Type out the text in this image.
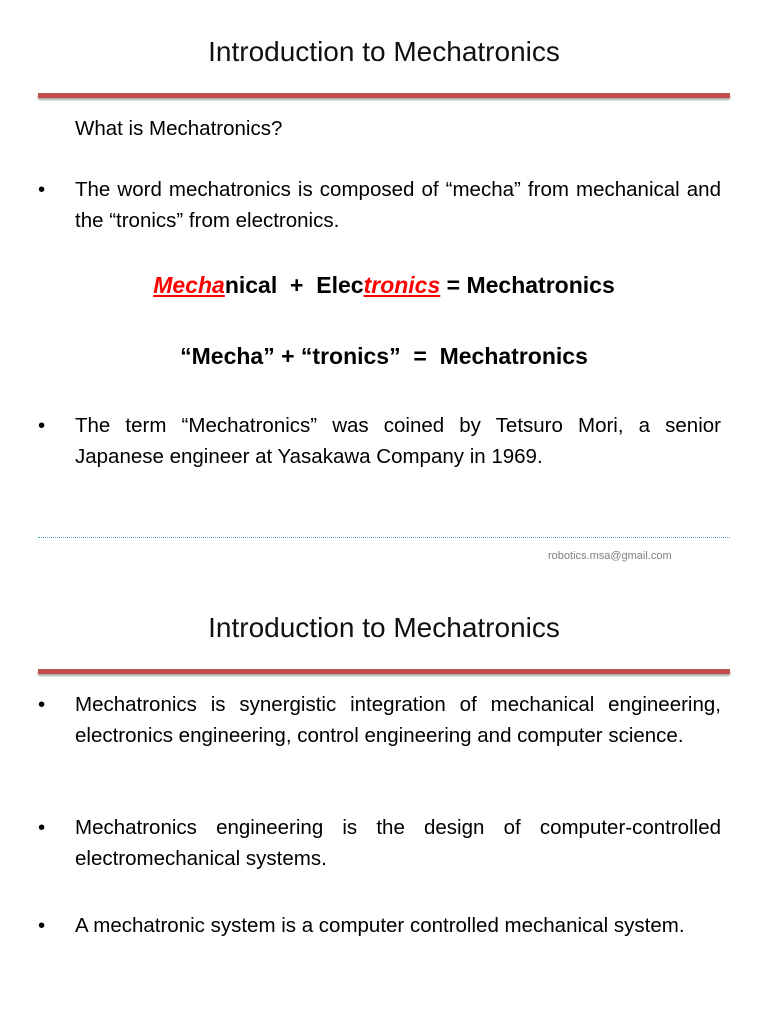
Introduction to Mechatronics
What is Mechatronics?
• The word mechatronics is composed of “mecha” from mechanical and the “tronics” from electronics.
Mechanical + Electronics = Mechatronics
“Mecha” + “tronics”  =  Mechatronics
• The term “Mechatronics” was coined by Tetsuro Mori, a senior Japanese engineer at Yasakawa Company in 1969.
robotics.msa@gmail.com
Introduction to Mechatronics
• Mechatronics is synergistic integration of mechanical engineering, electronics engineering, control engineering and computer science.
• Mechatronics engineering is the design of computer-controlled electromechanical systems.
• A mechatronic system is a computer controlled mechanical system.
